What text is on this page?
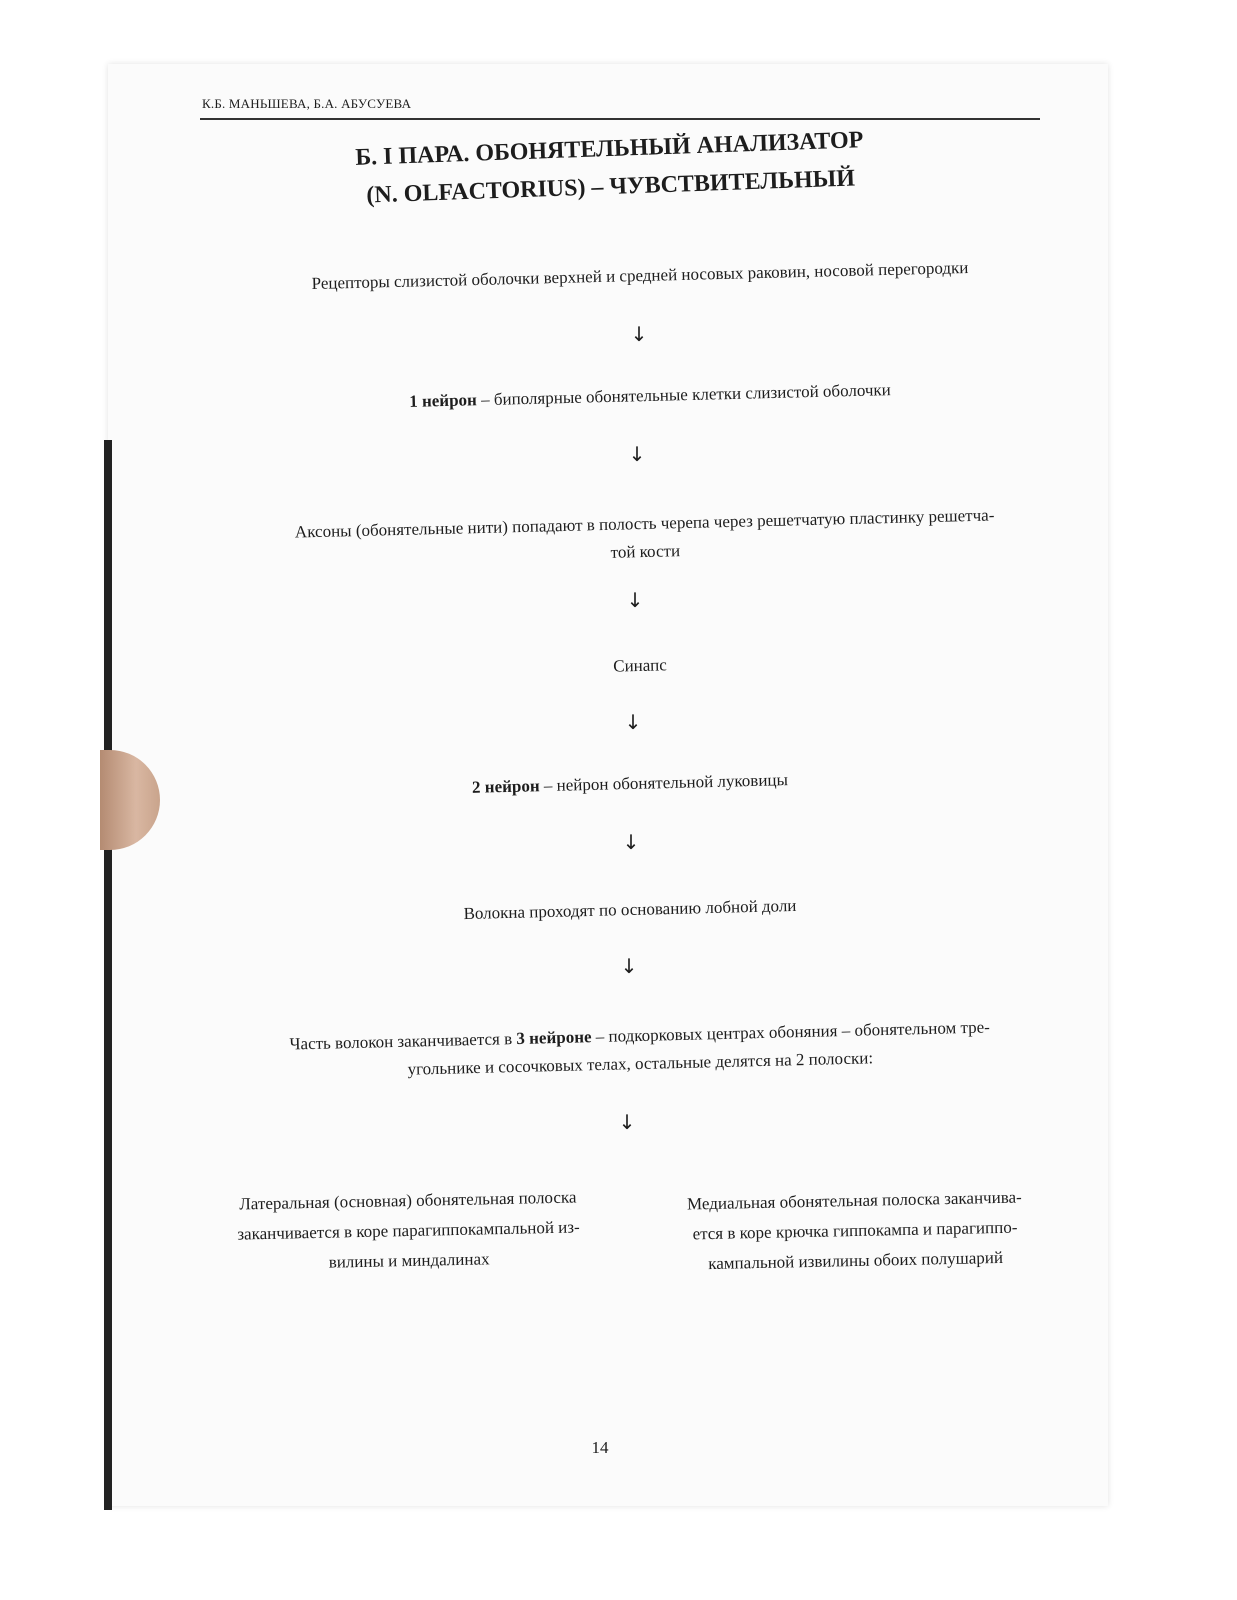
К.Б. МАНЬШЕВА, Б.А. АБУСУЕВА
Б. I ПАРА. ОБОНЯТЕЛЬНЫЙ АНАЛИЗАТОР
(N. OLFACTORIUS) – ЧУВСТВИТЕЛЬНЫЙ
Рецепторы слизистой оболочки верхней и средней носовых раковин, носовой перегородки
↓
1 нейрон – биполярные обонятельные клетки слизистой оболочки
↓
Аксоны (обонятельные нити) попадают в полость черепа через решетчатую пластинку решетча-
той кости
↓
Синапс
↓
2 нейрон – нейрон обонятельной луковицы
↓
Волокна проходят по основанию лобной доли
↓
Часть волокон заканчивается в 3 нейроне – подкорковых центрах обоняния – обонятельном тре-
угольнике и сосочковых телах, остальные делятся на 2 полоски:
↓
Латеральная (основная) обонятельная полоска
заканчивается в коре парагиппокампальной из-
вилины и миндалинах
Медиальная обонятельная полоска заканчива-
ется в коре крючка гиппокампа и парагиппо-
кампальной извилины обоих полушарий
14
